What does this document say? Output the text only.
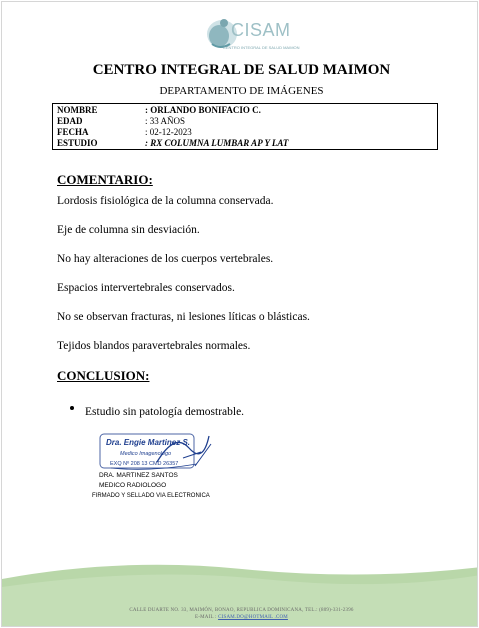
CISAM
CENTRO INTEGRAL DE SALUD MAIMON
CENTRO INTEGRAL DE SALUD MAIMON
DEPARTAMENTO DE IMÁGENES
NOMBRE	: ORLANDO BONIFACIO C.
EDAD	: 33 AÑOS
FECHA	: 02-12-2023
ESTUDIO	: RX COLUMNA LUMBAR AP Y LAT
COMENTARIO:
Lordosis fisiológica de la columna conservada.
Eje de columna sin desviación.
No hay alteraciones de los cuerpos vertebrales.
Espacios intervertebrales conservados.
No se observan fracturas, ni lesiones líticas o blásticas.
Tejidos blandos paravertebrales normales.
CONCLUSION:
Estudio sin patología demostrable.
Dra. Engie Martinez S.
Medico Imagenologo
EXQ Nº 208 13 CMD 26357
DRA. MARTINEZ SANTOS
MEDICO RADIOLOGO
FIRMADO Y SELLADO VIA ELECTRONICA
CALLE DUARTE NO. 33, MAIMÓN, BONAO, REPUBLICA DOMINICANA, TEL.: (809)-331-2396
E-MAIL : CISAM.DO@HOTMAIL .COM
